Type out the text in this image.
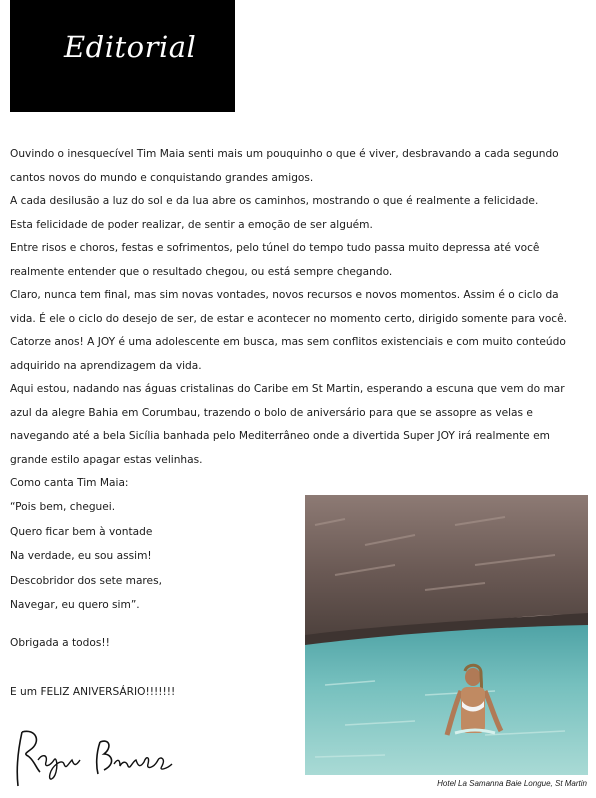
Editorial

Ouvindo o inesquecível Tim Maia senti mais um pouquinho o que é viver, desbravando a cada segundo cantos novos do mundo e conquistando grandes amigos.

A cada desilusão a luz do sol e da lua abre os caminhos, mostrando o que é realmente a felicidade.

Esta felicidade de poder realizar, de sentir a emoção de ser alguém.

Entre risos e choros, festas e sofrimentos, pelo túnel do tempo tudo passa muito depressa até você realmente entender que o resultado chegou, ou está sempre chegando.

Claro, nunca tem final, mas sim novas vontades, novos recursos e novos momentos. Assim é o ciclo da vida. É ele o ciclo do desejo de ser, de estar e acontecer no momento certo, dirigido somente para você.

Catorze anos! A JOY é uma adolescente em busca, mas sem conflitos existenciais e com muito conteúdo adquirido na aprendizagem da vida.

Aqui estou, nadando nas águas cristalinas do Caribe em St Martin, esperando a escuna que vem do mar azul da alegre Bahia em Corumbau, trazendo o bolo de aniversário para que se assopre as velas e navegando até a bela Sicília banhada pelo Mediterrâneo onde a divertida Super JOY irá realmente em grande estilo apagar estas velinhas.

Como canta Tim Maia:

“Pois bem, cheguei.

Quero ficar bem à vontade

Na verdade, eu sou assim!

Descobridor dos sete mares,

Navegar, eu quero sim”.

Obrigada a todos!!
E um FELIZ ANIVERSÁRIO!!!!!!!
Hotel La Samanna Baie Longue, St Martin
